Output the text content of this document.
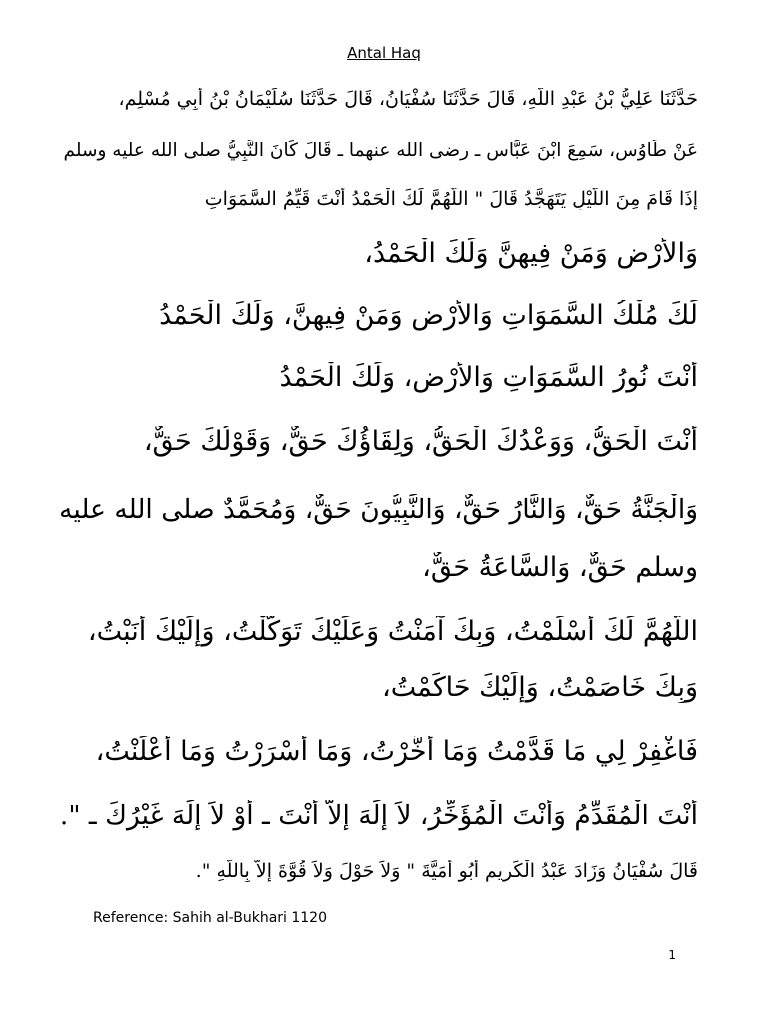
Antal Haq
حَدَّثَنَا عَلِيُّ بْنُ عَبْدِ اللَّهِ، قَالَ حَدَّثَنَا سُفْيَانُ، قَالَ حَدَّثَنَا سُلَيْمَانُ بْنُ أَبِي مُسْلِمٍ،
عَنْ طَاوُسٍ، سَمِعَ ابْنَ عَبَّاسٍ ـ رضى الله عنهما ـ قَالَ كَانَ النَّبِيُّ صلى الله عليه وسلم
إِذَا قَامَ مِنَ اللَّيْلِ يَتَهَجَّدُ قَالَ " اللَّهُمَّ لَكَ الْحَمْدُ أَنْتَ قَيِّمُ السَّمَوَاتِ
وَالأَرْضِ وَمَنْ فِيهِنَّ وَلَكَ الْحَمْدُ،
لَكَ مُلْكُ السَّمَوَاتِ وَالأَرْضِ وَمَنْ فِيهِنَّ، وَلَكَ الْحَمْدُ
أَنْتَ نُورُ السَّمَوَاتِ وَالأَرْضِ، وَلَكَ الْحَمْدُ
أَنْتَ الْحَقُّ، وَوَعْدُكَ الْحَقُّ، وَلِقَاؤُكَ حَقٌّ، وَقَوْلُكَ حَقٌّ،
وَالْجَنَّةُ حَقٌّ، وَالنَّارُ حَقٌّ، وَالنَّبِيُّونَ حَقٌّ، وَمُحَمَّدٌ صلى الله عليه
وسلم حَقٌّ، وَالسَّاعَةُ حَقٌّ،
اللَّهُمَّ لَكَ أَسْلَمْتُ، وَبِكَ آمَنْتُ وَعَلَيْكَ تَوَكَّلْتُ، وَإِلَيْكَ أَنَبْتُ،
وَبِكَ خَاصَمْتُ، وَإِلَيْكَ حَاكَمْتُ،
فَاغْفِرْ لِي مَا قَدَّمْتُ وَمَا أَخَّرْتُ، وَمَا أَسْرَرْتُ وَمَا أَعْلَنْتُ،
أَنْتَ الْمُقَدِّمُ وَأَنْتَ الْمُؤَخِّرُ، لاَ إِلَهَ إِلاَّ أَنْتَ ـ أَوْ لاَ إِلَهَ غَيْرُكَ ـ ".
قَالَ سُفْيَانُ وَزَادَ عَبْدُ الْكَرِيمِ أَبُو أُمَيَّةَ " وَلاَ حَوْلَ وَلاَ قُوَّةَ إِلاَّ بِاللَّهِ ".
Reference: Sahih al-Bukhari 1120
1
